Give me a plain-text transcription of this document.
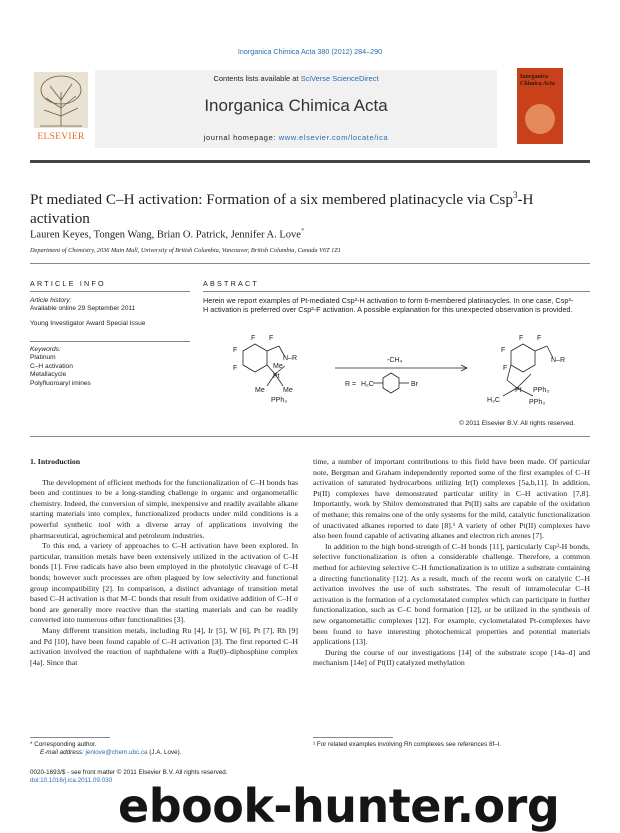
Inorganica Chimica Acta 380 (2012) 284–290
ELSEVIER
Contents lists available at SciVerse ScienceDirect
Inorganica Chimica Acta
journal homepage: www.elsevier.com/locate/ica
Inorganica Chimica Acta
Pt mediated C–H activation: Formation of a six membered platinacycle via Csp$^3$-H activation
Lauren Keyes, Tongen Wang, Brian O. Patrick, Jennifer A. Love*
Department of Chemistry, 2036 Main Mall, University of British Columbia, Vancouver, British Columbia, Canada V6T 1Z1
ARTICLE INFO
Article history:
Available online 29 September 2011
Young Investigator Award Special Issue
Keywords:
Platinum
C–H activation
Metallacycle
Polyfluoroaryl imines
ABSTRACT
Herein we report examples of Pt-mediated Csp³-H activation to form 6-membered platinacycles. In one case, Csp³-H activation is preferred over Csp²-F activation. A possible explanation for this unexpected observation is provided.
F
F
F
F
N–R
Me
Pt
Me	Me
PPh₃
-CH₄
R = H₂C	Br
F
F
F
F
N–R
Pt PPh₃
H₃C	PPh₃
© 2011 Elsevier B.V. All rights reserved.
1. Introduction

The development of efficient methods for the functionalization of C–H bonds has been and continues to be a long-standing challenge in organic and organometallic chemistry. Indeed, the conversion of simple, inexpensive and readily available alkane starting materials into complex, functionalized products under mild conditions is a powerful synthetic tool with a diverse array of applications involving the pharmaceutical, agrochemical and petroleum industries.

To this end, a variety of approaches to C–H activation have been explored. In particular, transition metals have been extensively utilized in the activation of C–H bonds [1]. Free radicals have also been employed in the photolytic cleavage of C–H bonds; however such processes are often plagued by low selectivity and functional group incompatibility [2]. In comparison, a distinct advantage of transition metal based C–H activation is that M–C bonds that result from oxidative addition of C–H σ bond are generally more reactive than the starting materials and can be readily converted into numerous other functionalities [3].

Many different transition metals, including Ru [4], Ir [5], W [6], Pt [7], Rh [9] and Pd [10], have been found capable of C–H activation [3]. The first reported C–H activation involved the reaction of naphthalene with a Ru(0)–diphosphine complex [4a]. Since that

time, a number of important contributions to this field have been made. Of particular note, Bergman and Graham independently reported some of the first examples of C–H activation of saturated hydrocarbons utilizing Ir(I) complexes [5a,b,11]. In addition, Pt(II) complexes have demonstrated particular utility in C–H activation [7,8]. Importantly, work by Shilov demonstrated that Pt(II) salts are capable of the oxidation of methane; this remains one of the only systems for the mild, catalytic functionalization of unactivated alkanes reported to date [8].¹ A variety of other Pt(II) complexes have also been found capable of activating alkanes and electron rich arenes [7].

In addition to the high bond-strength of C–H bonds [11], particularly Csp³-H bonds, selective functionalization is often a considerable challenge. Therefore, a common method for achieving selective C–H functionalization is to utilize a substrate containing a directing functionality [12]. As a result, much of the recent work on catalytic C–H activation involves the use of such substrates. The result of intramolecular C–H activation is the formation of a cyclometalated complex which can participate in further functionalization, such as C–C bond formation [12], or be utilized in the synthesis of new organometallic complexes [12]. For example, cyclometalated Pt-complexes have been found to have interesting photochemical properties and potential materials applications [13].

During the course of our investigations [14] of the substrate scope [14a–d] and mechanism [14e] of Pt(II) catalyzed methylation

* Corresponding author.
E-mail address: jenlove@chem.ubc.ca (J.A. Love).
0020-1693/$ - see front matter © 2011 Elsevier B.V. All rights reserved.
doi:10.1016/j.ica.2011.09.030
¹ For related examples involving Rh complexes see references 8f–l.
ebook-hunter.org
